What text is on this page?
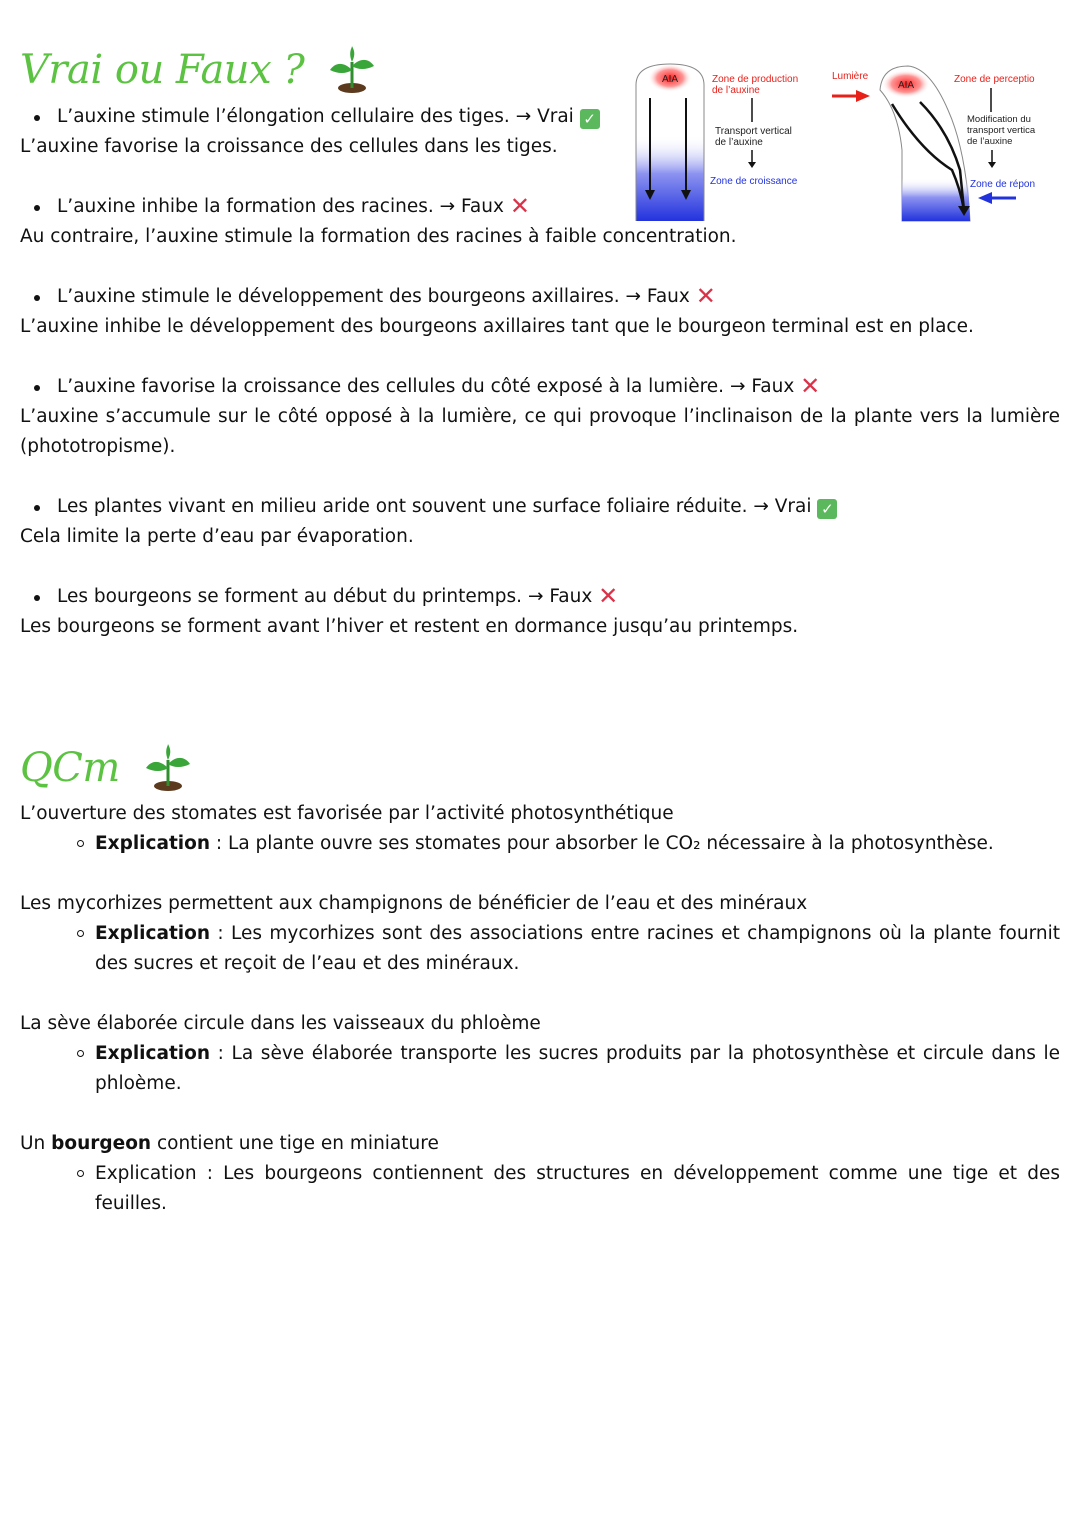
Vrai ou Faux ?
L’auxine stimule l’élongation cellulaire des tiges. → Vrai ✓
L’auxine favorise la croissance des cellules dans les tiges.
L’auxine inhibe la formation des racines. → Faux ✕
Au contraire, l’auxine stimule la formation des racines à faible concentration.
L’auxine stimule le développement des bourgeons axillaires. → Faux ✕
L’auxine inhibe le développement des bourgeons axillaires tant que le bourgeon terminal est en place.
L’auxine favorise la croissance des cellules du côté exposé à la lumière. → Faux ✕
L’auxine s’accumule sur le côté opposé à la lumière, ce qui provoque l’inclinaison de la plante vers la lumière (phototropisme).
Les plantes vivant en milieu aride ont souvent une surface foliaire réduite. → Vrai ✓
Cela limite la perte d’eau par évaporation.
Les bourgeons se forment au début du printemps. → Faux ✕
Les bourgeons se forment avant l’hiver et restent en dormance jusqu’au printemps.
QCm
L’ouverture des stomates est favorisée par l’activité photosynthétique
Explication : La plante ouvre ses stomates pour absorber le CO₂ nécessaire à la photosynthèse.
Les mycorhizes permettent aux champignons de bénéficier de l’eau et des minéraux
Explication : Les mycorhizes sont des associations entre racines et champignons où la plante fournit des sucres et reçoit de l’eau et des minéraux.
La sève élaborée circule dans les vaisseaux du phloème
Explication : La sève élaborée transporte les sucres produits par la photosynthèse et circule dans le phloème.
Un bourgeon contient une tige en miniature
Explication : Les bourgeons contiennent des structures en développement comme une tige et des feuilles.
AIA	Zone de production
de l’auxine
Transport vertical
de l’auxine
Zone de croissance
Lumière
AIA
Zone de perceptio
Modification du
transport vertica
de l’auxine
Zone de répon
